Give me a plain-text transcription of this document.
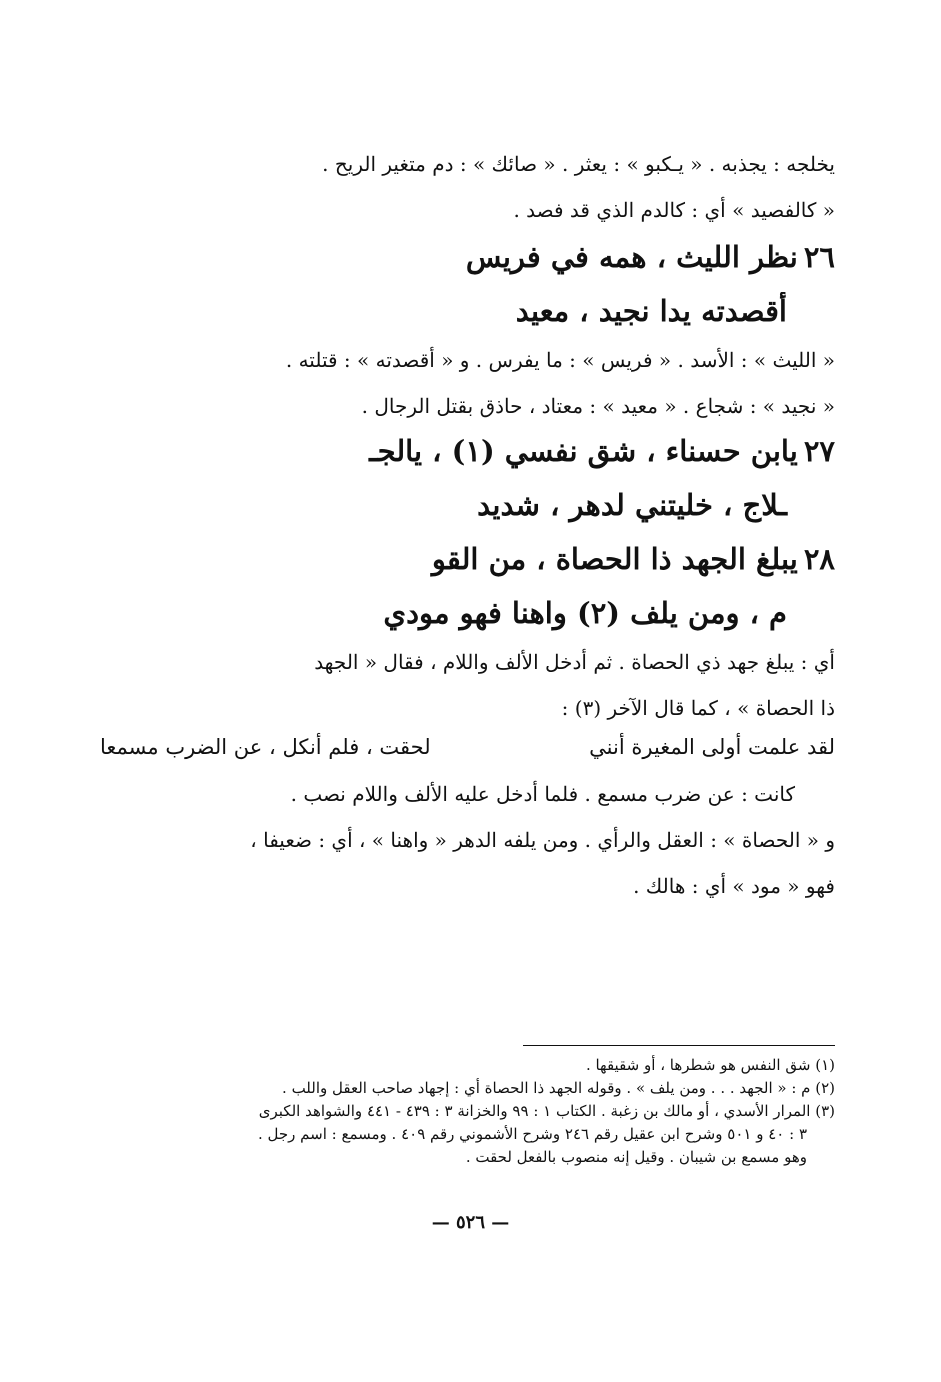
يخلجه : يجذبه . « يـكبو » : يعثر . « صائك » : دم متغير الريح .

« كالفصيد » أي : كالدم الذي قد فصد .

٢٦نظر الليث ، همه في فريس
أقصدته يدا نجيد ، معيد

« الليث » : الأسد . « فريس » : ما يفرس . و « أقصدته » : قتلته .

« نجيد » : شجاع . « معيد » : معتاد ، حاذق بقتل الرجال .

٢٧يابن حسناء ، شق نفسي (١) ، يالجـ
ـلاج ، خليتني لدهر ، شديد
٢٨يبلغ الجهد ذا الحصاة ، من القو
م ، ومن يلف (٢) واهنا فهو مودي

أي : يبلغ جهد ذي الحصاة . ثم أدخل الألف واللام ، فقال « الجهد

ذا الحصاة » ، كما قال الآخر (٣) :

لقد علمت أولى المغيرة أنني
لحقت ، فلم أنكل ، عن الضرب مسمعا

كانت : عن ضرب مسمع . فلما أدخل عليه الألف واللام نصب .

و « الحصاة » : العقل والرأي . ومن يلفه الدهر « واهنا » ، أي : ضعيفا ،

فهو « مود » أي : هالك .

(١) شق النفس هو شطرها ، أو شقيقها .
(٢) م : « الجهد . . . ومن يلف » . وقوله الجهد ذا الحصاة أي : إجهاد صاحب العقل واللب .
(٣) المرار الأسدي ، أو مالك بن زغبة . الكتاب ١ : ٩٩ والخزانة ٣ : ٤٣٩ - ٤٤١ والشواهد الكبرى
٣ : ٤٠ و ٥٠١ وشرح ابن عقيل رقم ٢٤٦ وشرح الأشموني رقم ٤٠٩ . ومسمع : اسم رجل .
وهو مسمع بن شيبان . وقيل إنه منصوب بالفعل لحقت .
— ٥٢٦ —
